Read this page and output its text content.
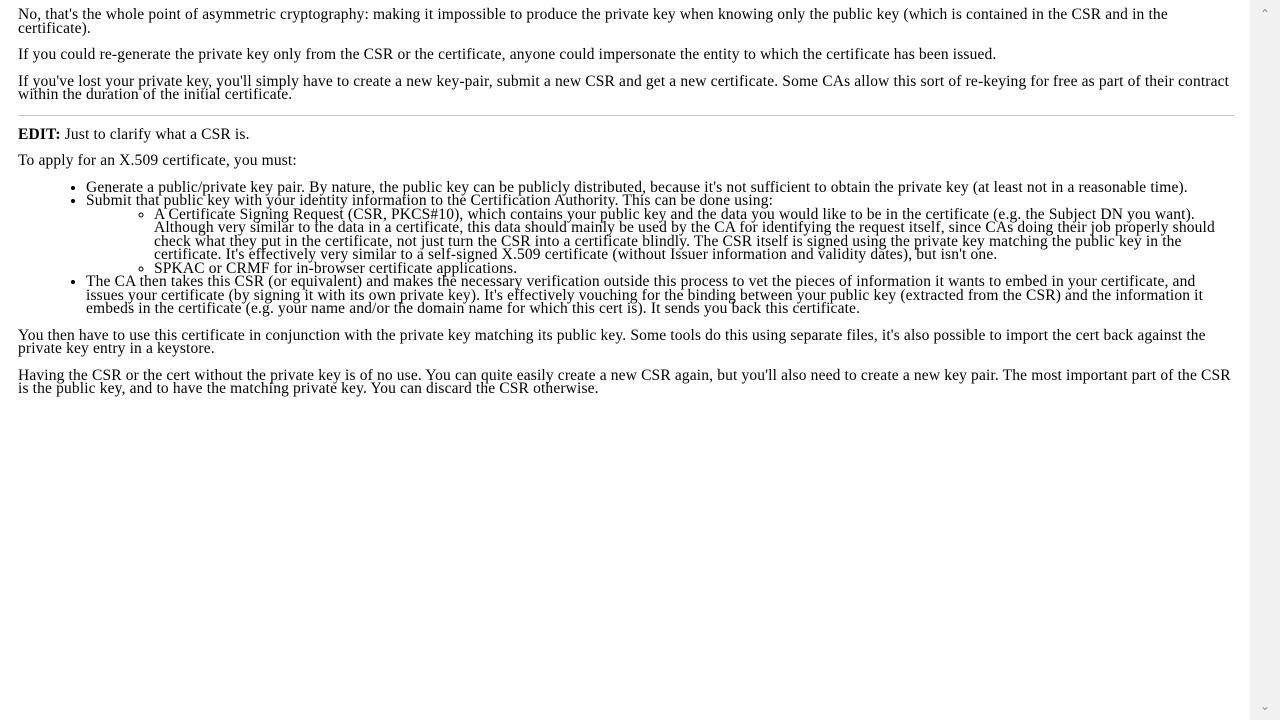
No, that's the whole point of asymmetric cryptography: making it impossible to produce the private key when knowing only the public key (which is contained in the CSR and in the certificate).

If you could re-generate the private key only from the CSR or the certificate, anyone could impersonate the entity to which the certificate has been issued.

If you've lost your private key, you'll simply have to create a new key-pair, submit a new CSR and get a new certificate. Some CAs allow this sort of re-keying for free as part of their contract within the duration of the initial certificate.

EDIT: Just to clarify what a CSR is.

To apply for an X.509 certificate, you must:

• Generate a public/private key pair. By nature, the public key can be publicly distributed, because it's not sufficient to obtain the private key (at least not in a reasonable time).
• Submit that public key with your identity information to the Certification Authority. This can be done using:
◦ A Certificate Signing Request (CSR, PKCS#10), which contains your public key and the data you would like to be in the certificate (e.g. the Subject DN you want). Although very similar to the data in a certificate, this data should mainly be used by the CA for identifying the request itself, since CAs doing their job properly should check what they put in the certificate, not just turn the CSR into a certificate blindly. The CSR itself is signed using the private key matching the public key in the certificate. It's effectively very similar to a self-signed X.509 certificate (without Issuer information and validity dates), but isn't one.
◦ SPKAC or CRMF for in-browser certificate applications.
• The CA then takes this CSR (or equivalent) and makes the necessary verification outside this process to vet the pieces of information it wants to embed in your certificate, and issues your certificate (by signing it with its own private key). It's effectively vouching for the binding between your public key (extracted from the CSR) and the information it embeds in the certificate (e.g. your name and/or the domain name for which this cert is). It sends you back this certificate.

You then have to use this certificate in conjunction with the private key matching its public key. Some tools do this using separate files, it's also possible to import the cert back against the private key entry in a keystore.

Having the CSR or the cert without the private key is of no use. You can quite easily create a new CSR again, but you'll also need to create a new key pair. The most important part of the CSR is the public key, and to have the matching private key. You can discard the CSR otherwise.

⌃
⌄
